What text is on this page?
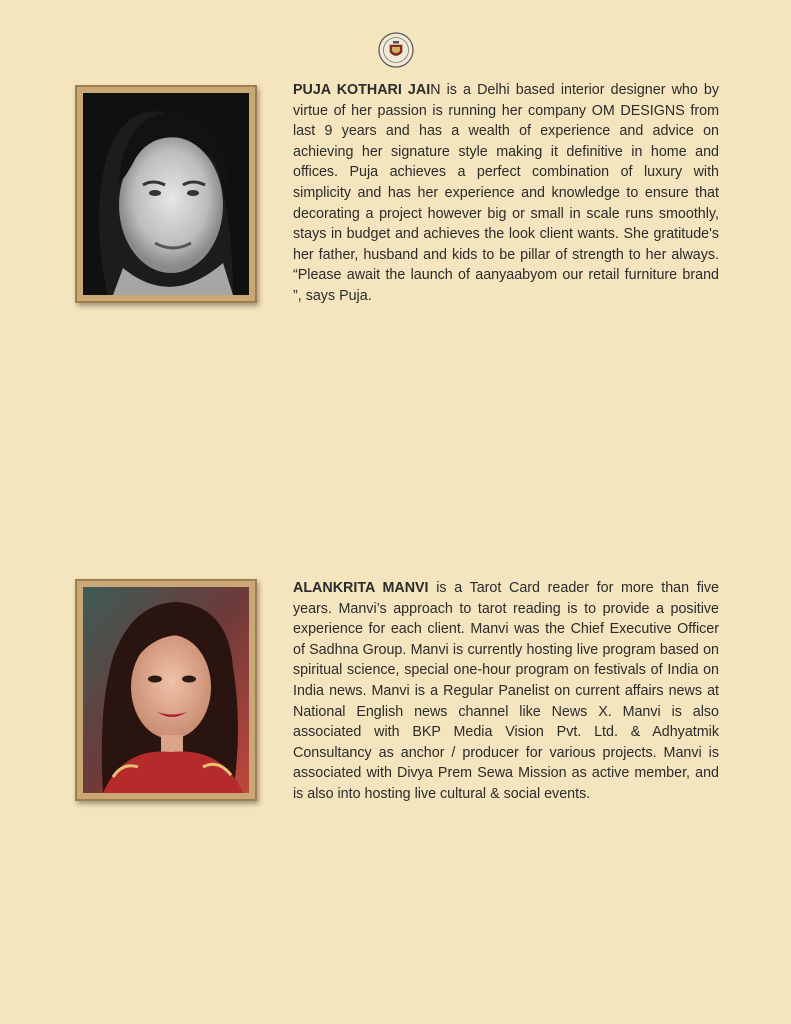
PUJA KOTHARI JAIN is a Delhi based interior designer who by virtue of her passion is running her company OM DESIGNS from last 9 years and has a wealth of experience and advice on achieving her signature style making it definitive in home and offices. Puja achieves a perfect combination of luxury with simplicity and has her experience and knowledge to ensure that decorating a project however big or small in scale runs smoothly, stays in budget and achieves the look client wants. She gratitude's her father, husband and kids to be pillar of strength to her always. “Please await the launch of aanyaabyom our retail furniture brand ”, says Puja.

ALANKRITA MANVI is a Tarot Card reader for more than five years. Manvi’s approach to tarot reading is to provide a positive experience for each client. Manvi was the Chief Executive Officer of Sadhna Group. Manvi is currently hosting live program based on spiritual science, special one-hour program on festivals of India on India news. Manvi is a Regular Panelist on current affairs news at National English news channel like News X. Manvi is also associated with BKP Media Vision Pvt. Ltd. & Adhyatmik Consultancy as anchor / producer for various projects. Manvi is associated with Divya Prem Sewa Mission as active member, and is also into hosting live cultural & social events.
